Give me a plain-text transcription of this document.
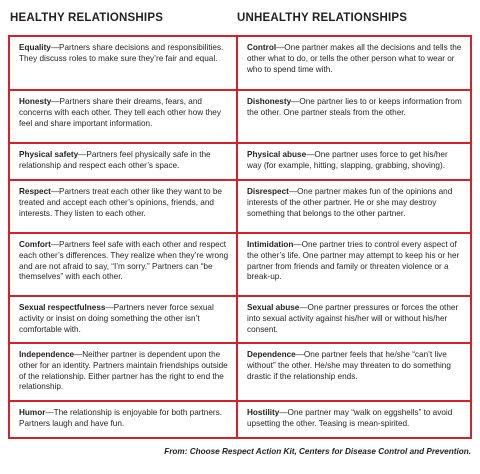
HEALTHY RELATIONSHIPS	UNHEALTHY RELATIONSHIPS
Equality—Partners share decisions and responsibilities. They discuss roles to make sure they’re fair and equal.	Control—One partner makes all the decisions and tells the other what to do, or tells the other person what to wear or who to spend time with.
Honesty—Partners share their dreams, fears, and concerns with each other. They tell each other how they feel and share important information.	Dishonesty—One partner lies to or keeps information from the other. One partner steals from the other.
Physical safety—Partners feel physically safe in the relationship and respect each other’s space.	Physical abuse—One partner uses force to get his/her way (for example, hitting, slapping, grabbing, shoving).
Respect—Partners treat each other like they want to be treated and accept each other’s opinions, friends, and interests. They listen to each other.	Disrespect—One partner makes fun of the opinions and interests of the other partner. He or she may destroy something that belongs to the other partner.
Comfort—Partners feel safe with each other and respect each other’s differences. They realize when they’re wrong and are not afraid to say, “I’m sorry.” Partners can “be themselves” with each other.	Intimidation—One partner tries to control every aspect of the other’s life. One partner may attempt to keep his or her partner from friends and family or threaten violence or a break-up.
Sexual respectfulness—Partners never force sexual activity or insist on doing something the other isn’t comfortable with.	Sexual abuse—One partner pressures or forces the other into sexual activity against his/her will or without his/her consent.
Independence—Neither partner is dependent upon the other for an identity. Partners maintain friendships outside of the relationship. Either partner has the right to end the relationship.	Dependence—One partner feels that he/she “can’t live without” the other. He/she may threaten to do something drastic if the relationship ends.
Humor—The relationship is enjoyable for both partners. Partners laugh and have fun.	Hostility—One partner may “walk on eggshells” to avoid upsetting the other. Teasing is mean-spirited.
From: Choose Respect Action Kit, Centers for Disease Control and Prevention.
